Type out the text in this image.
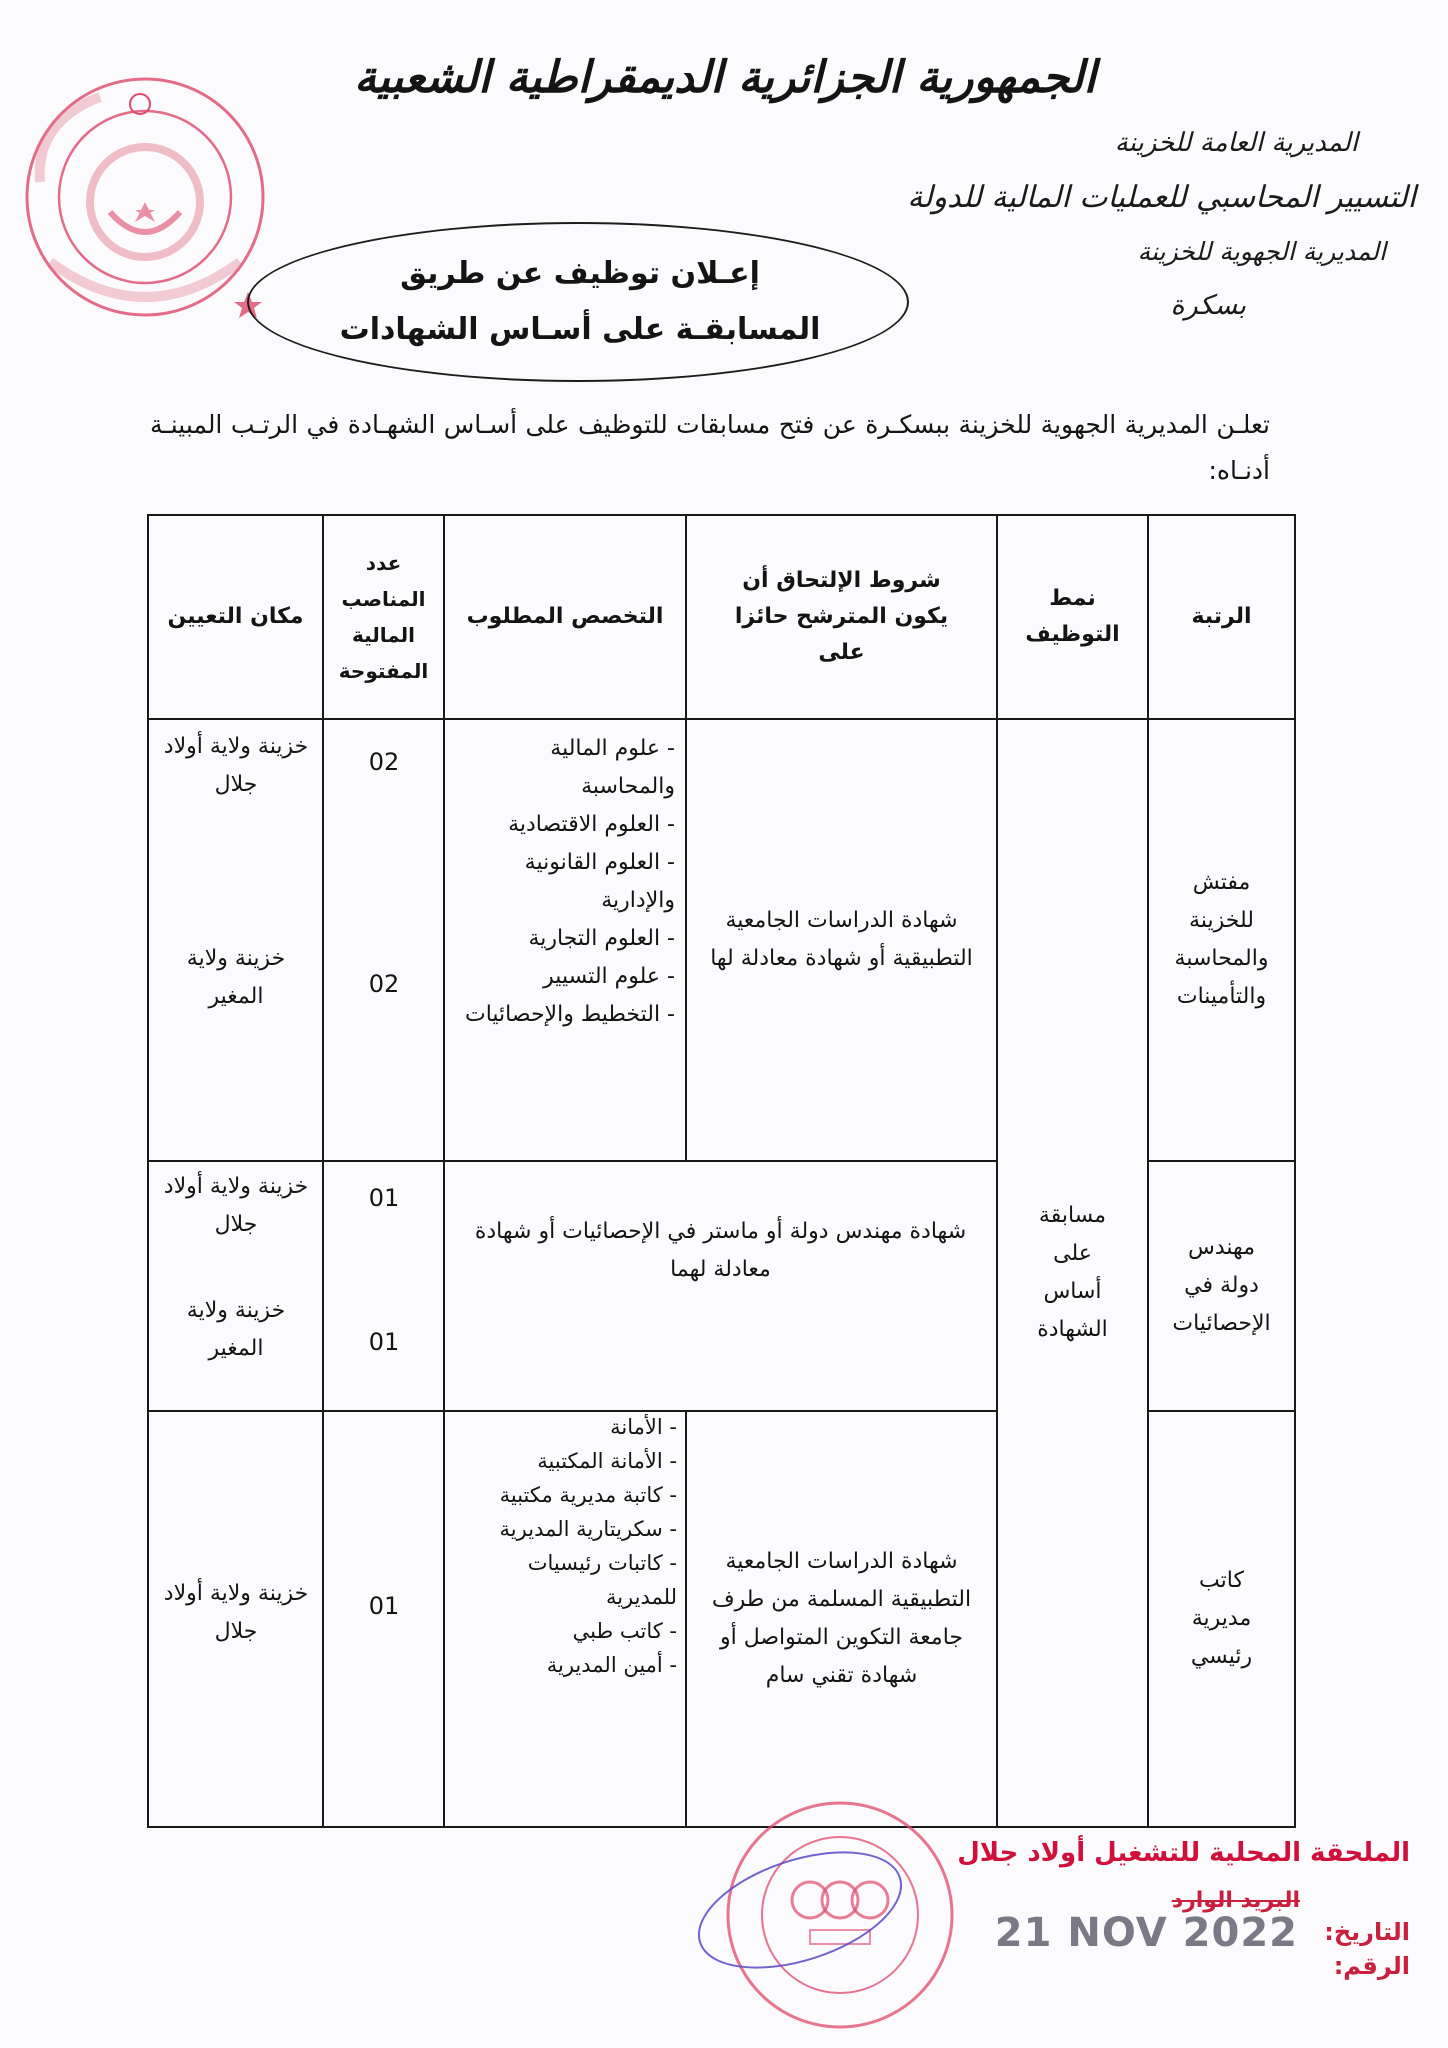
الجمهورية الجزائرية الديمقراطية الشعبية
المديرية العامة للخزينة
التسيير المحاسبي للعمليات المالية للدولة
المديرية الجهوية للخزينة
بسكرة
إعـلان توظيف عن طريق
المسابقـة على أسـاس الشهادات
تعلـن المديرية الجهوية للخزينة ببسكـرة عن فتح مسابقات للتوظيف على أسـاس الشهـادة في الرتـب المبينـة أدنـاه:
الرتبة
نمط التوظيف
شروط الإلتحاق أن يكون المترشح حائزا على
التخصص المطلوب
عدد المناصب المالية المفتوحة
مكان التعيين
مسابقة على أساس الشهادة
مفتش للخزينة والمحاسبة والتأمينات
شهادة الدراسات الجامعية التطبيقية أو شهادة معادلة لها
- علوم المالية والمحاسبة
- العلوم الاقتصادية
- العلوم القانونية والإدارية
- العلوم التجارية
- علوم التسيير
- التخطيط والإحصائيات
02
02
خزينة ولاية أولاد جلال
خزينة ولاية المغير
مهندس دولة في الإحصائيات
شهادة مهندس دولة أو ماستر في الإحصائيات أو شهادة معادلة لهما
01
01
خزينة ولاية أولاد جلال
خزينة ولاية المغير
كاتب مديرية رئيسي
شهادة الدراسات الجامعية التطبيقية المسلمة من طرف جامعة التكوين المتواصل أو شهادة تقني سام
- الأمانة
- الأمانة المكتبية
- كاتبة مديرية مكتبية
- سكريتارية المديرية
- كاتبات رئيسيات للمديرية
- كاتب طبي
- أمين المديرية
01
خزينة ولاية أولاد جلال
الملحقة المحلية للتشغيل أولاد جلال
البريد الوارد
التاريخ:
21 NOV 2022
الرقم:
